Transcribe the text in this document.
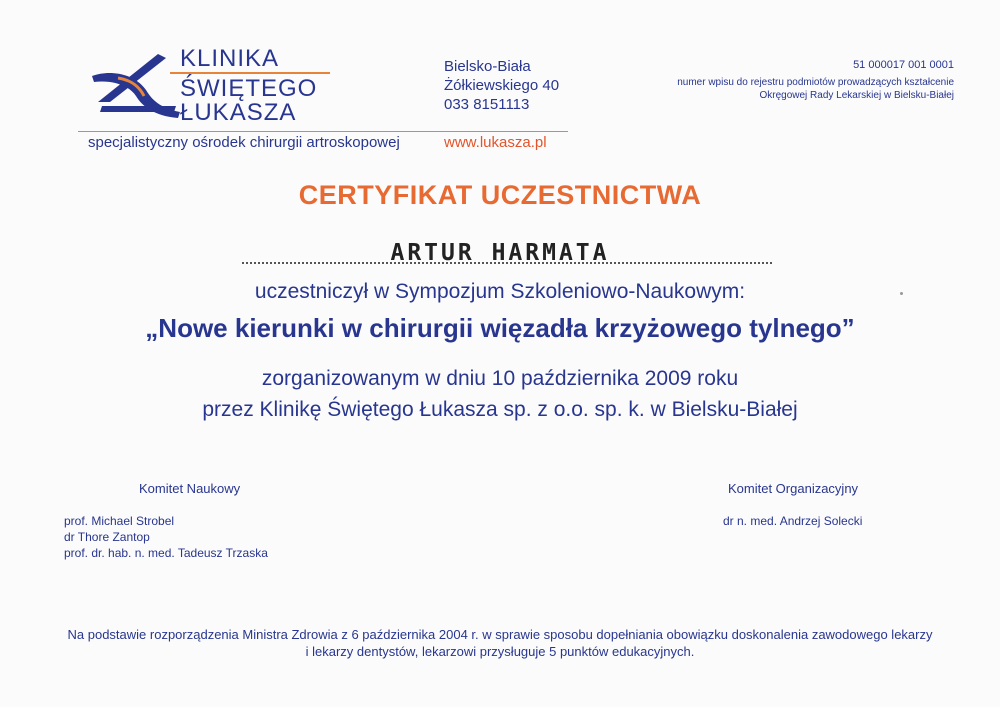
KLINIKA
ŚWIĘTEGO
ŁUKASZA
specjalistyczny ośrodek chirurgii artroskopowej	www.lukasza.pl
Bielsko-Biała
Żółkiewskiego 40
033 8151113
51 000017 001 0001
numer wpisu do rejestru podmiotów prowadzących kształcenie
Okręgowej Rady Lekarskiej w Bielsku-Białej
CERTYFIKAT UCZESTNICTWA
ARTUR HARMATA
uczestniczył w Sympozjum Szkoleniowo-Naukowym:
„Nowe kierunki w chirurgii więzadła krzyżowego tylnego”
zorganizowanym w dniu 10 października 2009 roku
przez Klinikę Świętego Łukasza sp. z o.o. sp. k. w Bielsku-Białej
Komitet Naukowy
prof. Michael Strobel
dr Thore Zantop
prof. dr. hab. n. med. Tadeusz Trzaska
Komitet Organizacyjny
dr n. med. Andrzej Solecki
Na podstawie rozporządzenia Ministra Zdrowia z 6 października 2004 r. w sprawie sposobu dopełniania obowiązku doskonalenia zawodowego lekarzy
i lekarzy dentystów, lekarzowi przysługuje 5 punktów edukacyjnych.
